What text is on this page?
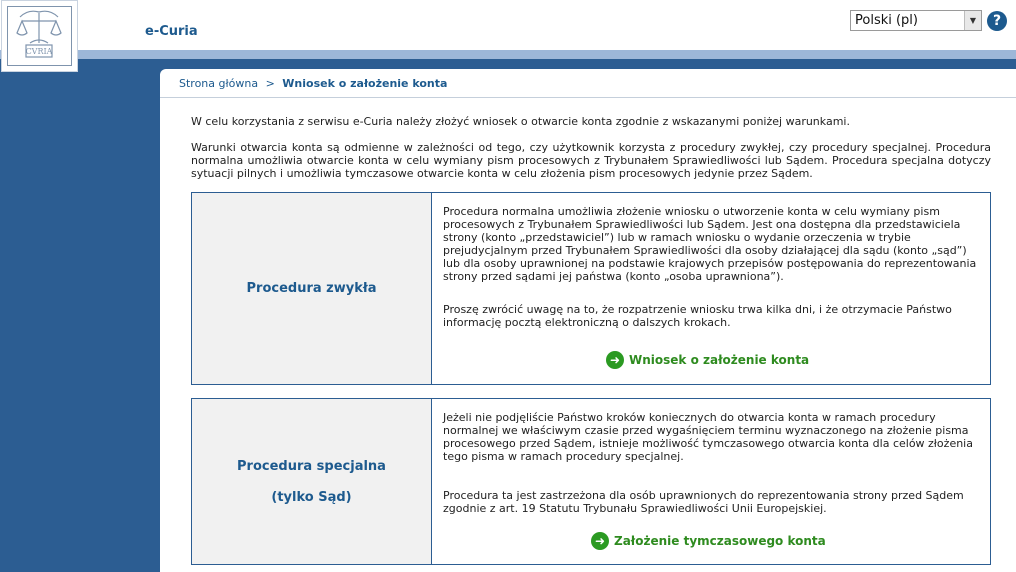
CVRIA
e-Curia
Polski (pl)	▼	?
Strona główna > Wniosek o założenie konta

W celu korzystania z serwisu e-Curia należy złożyć wniosek o otwarcie konta zgodnie z wskazanymi poniżej warunkami.

Warunki otwarcia konta są odmienne w zależności od tego, czy użytkownik korzysta z procedury zwykłej, czy procedury specjalnej. Procedura normalna umożliwia otwarcie konta w celu wymiany pism procesowych z Trybunałem Sprawiedliwości lub Sądem. Procedura specjalna dotyczy sytuacji pilnych i umożliwia tymczasowe otwarcie konta w celu złożenia pism procesowych jedynie przez Sądem.

Procedura zwykła

Procedura normalna umożliwia złożenie wniosku o utworzenie konta w celu wymiany pism procesowych z Trybunałem Sprawiedliwości lub Sądem. Jest ona dostępna dla przedstawiciela strony (konto „przedstawiciel”) lub w ramach wniosku o wydanie orzeczenia w trybie prejudycjalnym przed Trybunałem Sprawiedliwości dla osoby działającej dla sądu (konto „sąd”) lub dla osoby uprawnionej na podstawie krajowych przepisów postępowania do reprezentowania strony przed sądami jej państwa (konto „osoba uprawniona”).

Proszę zwrócić uwagę na to, że rozpatrzenie wniosku trwa kilka dni, i że otrzymacie Państwo informację pocztą elektroniczną o dalszych krokach.

➜ Wniosek o założenie konta
Procedura specjalna
(tylko Sąd)

Jeżeli nie podjęliście Państwo kroków koniecznych do otwarcia konta w ramach procedury normalnej we właściwym czasie przed wygaśnięciem terminu wyznaczonego na złożenie pisma procesowego przed Sądem, istnieje możliwość tymczasowego otwarcia konta dla celów złożenia tego pisma w ramach procedury specjalnej.

Procedura ta jest zastrzeżona dla osób uprawnionych do reprezentowania strony przed Sądem zgodnie z art. 19 Statutu Trybunału Sprawiedliwości Unii Europejskiej.

➜ Założenie tymczasowego konta
